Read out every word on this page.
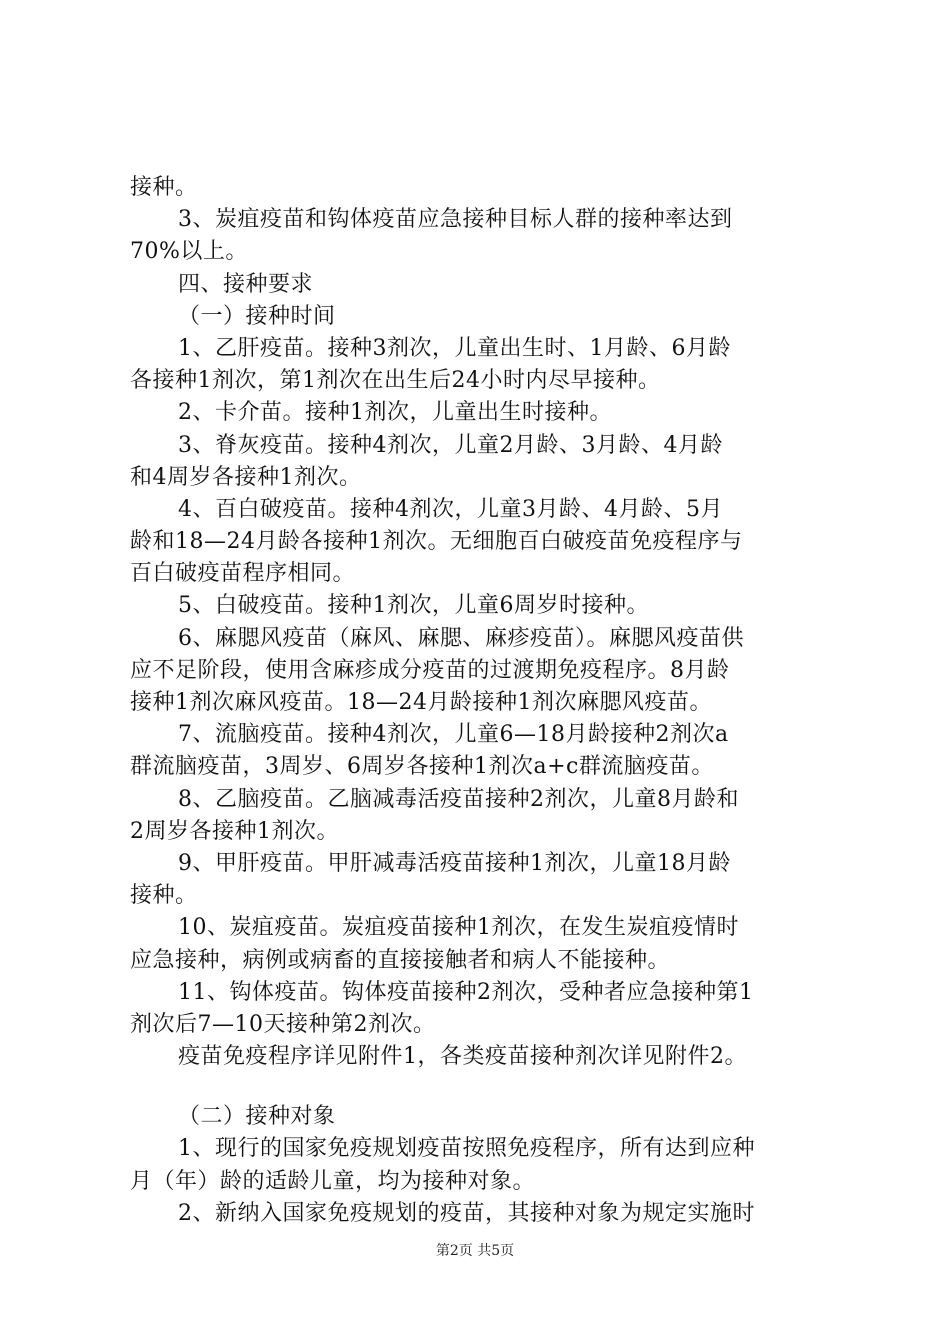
接种。
3、炭疽疫苗和钩体疫苗应急接种目标人群的接种率达到
70%以上。
四、接种要求
（一）接种时间
1、乙肝疫苗。接种3剂次，儿童出生时、1月龄、6月龄
各接种1剂次，第1剂次在出生后24小时内尽早接种。
2、卡介苗。接种1剂次，儿童出生时接种。
3、脊灰疫苗。接种4剂次，儿童2月龄、3月龄、4月龄
和4周岁各接种1剂次。
4、百白破疫苗。接种4剂次，儿童3月龄、4月龄、5月
龄和18—24月龄各接种1剂次。无细胞百白破疫苗免疫程序与
百白破疫苗程序相同。
5、白破疫苗。接种1剂次，儿童6周岁时接种。
6、麻腮风疫苗（麻风、麻腮、麻疹疫苗）。麻腮风疫苗供
应不足阶段，使用含麻疹成分疫苗的过渡期免疫程序。8月龄
接种1剂次麻风疫苗。18—24月龄接种1剂次麻腮风疫苗。
7、流脑疫苗。接种4剂次，儿童6—18月龄接种2剂次a
群流脑疫苗，3周岁、6周岁各接种1剂次a+c群流脑疫苗。
8、乙脑疫苗。乙脑减毒活疫苗接种2剂次，儿童8月龄和
2周岁各接种1剂次。
9、甲肝疫苗。甲肝减毒活疫苗接种1剂次，儿童18月龄
接种。
10、炭疽疫苗。炭疽疫苗接种1剂次，在发生炭疽疫情时
应急接种，病例或病畜的直接接触者和病人不能接种。
11、钩体疫苗。钩体疫苗接种2剂次，受种者应急接种第1
剂次后7—10天接种第2剂次。
疫苗免疫程序详见附件1，各类疫苗接种剂次详见附件2。
（二）接种对象
1、现行的国家免疫规划疫苗按照免疫程序，所有达到应种
月（年）龄的适龄儿童，均为接种对象。
2、新纳入国家免疫规划的疫苗，其接种对象为规定实施时
第2页 共5页
